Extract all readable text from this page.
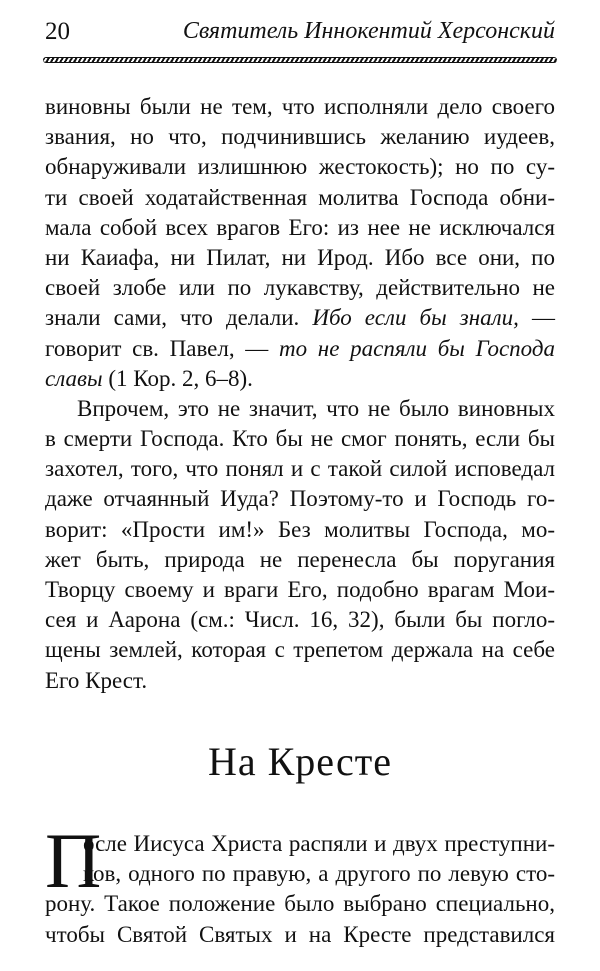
20	Святитель Иннокентий Херсонский
виновны были не тем, что исполняли дело своего
звания, но что, подчинившись желанию иудеев,
обнаруживали излишнюю жестокость); но по су-
ти своей ходатайственная молитва Господа обни-
мала собой всех врагов Его: из нее не исключался
ни Каиафа, ни Пилат, ни Ирод. Ибо все они, по
своей злобе или по лукавству, действительно не
знали сами, что делали. Ибо если бы знали, —
говорит св. Павел, — то не распяли бы Господа
славы (1 Кор. 2, 6–8).
Впрочем, это не значит, что не было виновных
в смерти Господа. Кто бы не смог понять, если бы
захотел, того, что понял и с такой силой исповедал
даже отчаянный Иуда? Поэтому-то и Господь го-
ворит: «Прости им!» Без молитвы Господа, мо-
жет быть, природа не перенесла бы поругания
Творцу своему и враги Его, подобно врагам Мои-
сея и Аарона (см.: Числ. 16, 32), были бы погло-
щены землей, которая с трепетом держала на себе
Его Крест.
На Кресте
П
осле Иисуса Христа распяли и двух преступни-
ков, одного по правую, а другого по левую сто-
рону. Такое положение было выбрано специально,
чтобы Святой Святых и на Кресте представился
